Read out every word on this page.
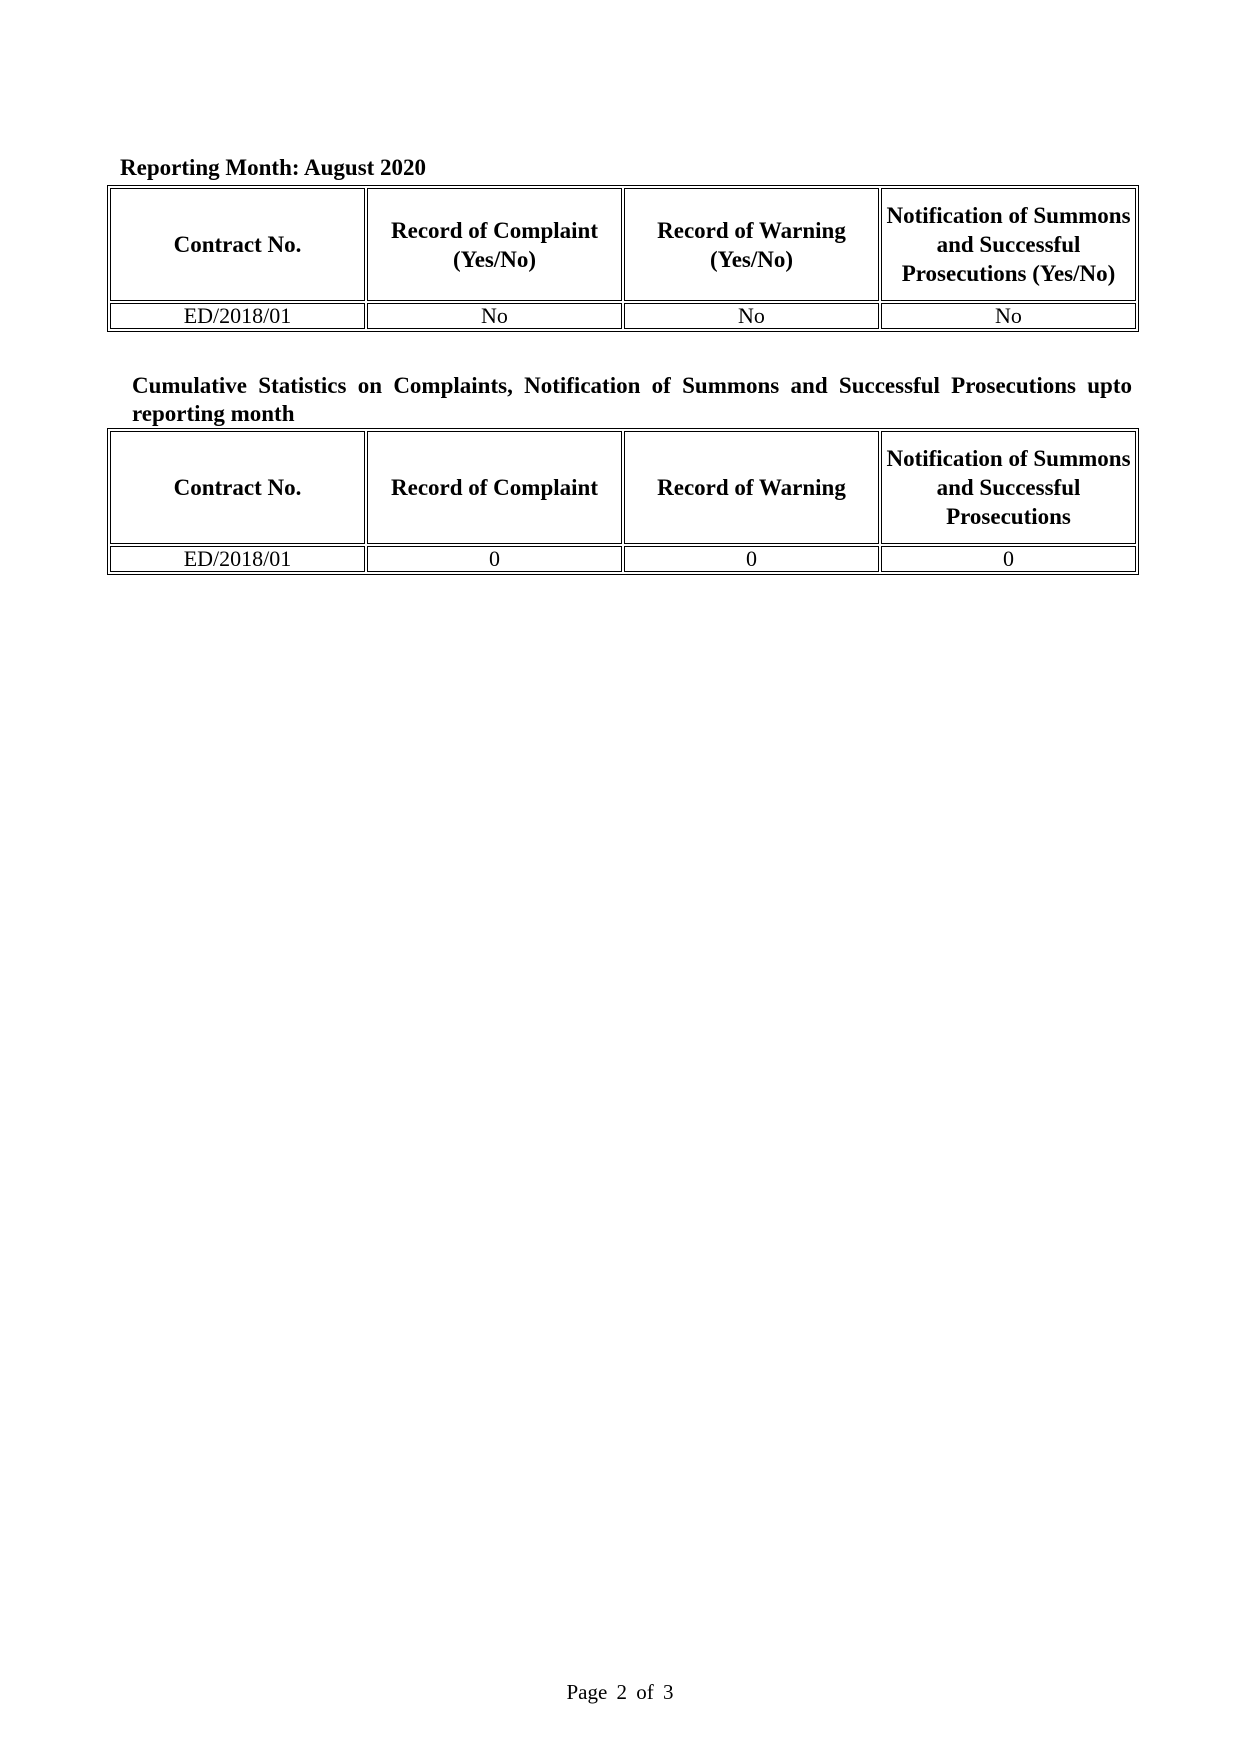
Reporting Month: August 2020
Contract No.	Record of Complaint (Yes/No)	Record of Warning (Yes/No)	Notification of Summons and Successful Prosecutions (Yes/No)
ED/2018/01	No	No	No
Cumulative Statistics on Complaints, Notification of Summons and Successful Prosecutions upto reporting month
Contract No.	Record of Complaint	Record of Warning	Notification of Summons and Successful Prosecutions
ED/2018/01	0	0	0
Page 2 of 3
